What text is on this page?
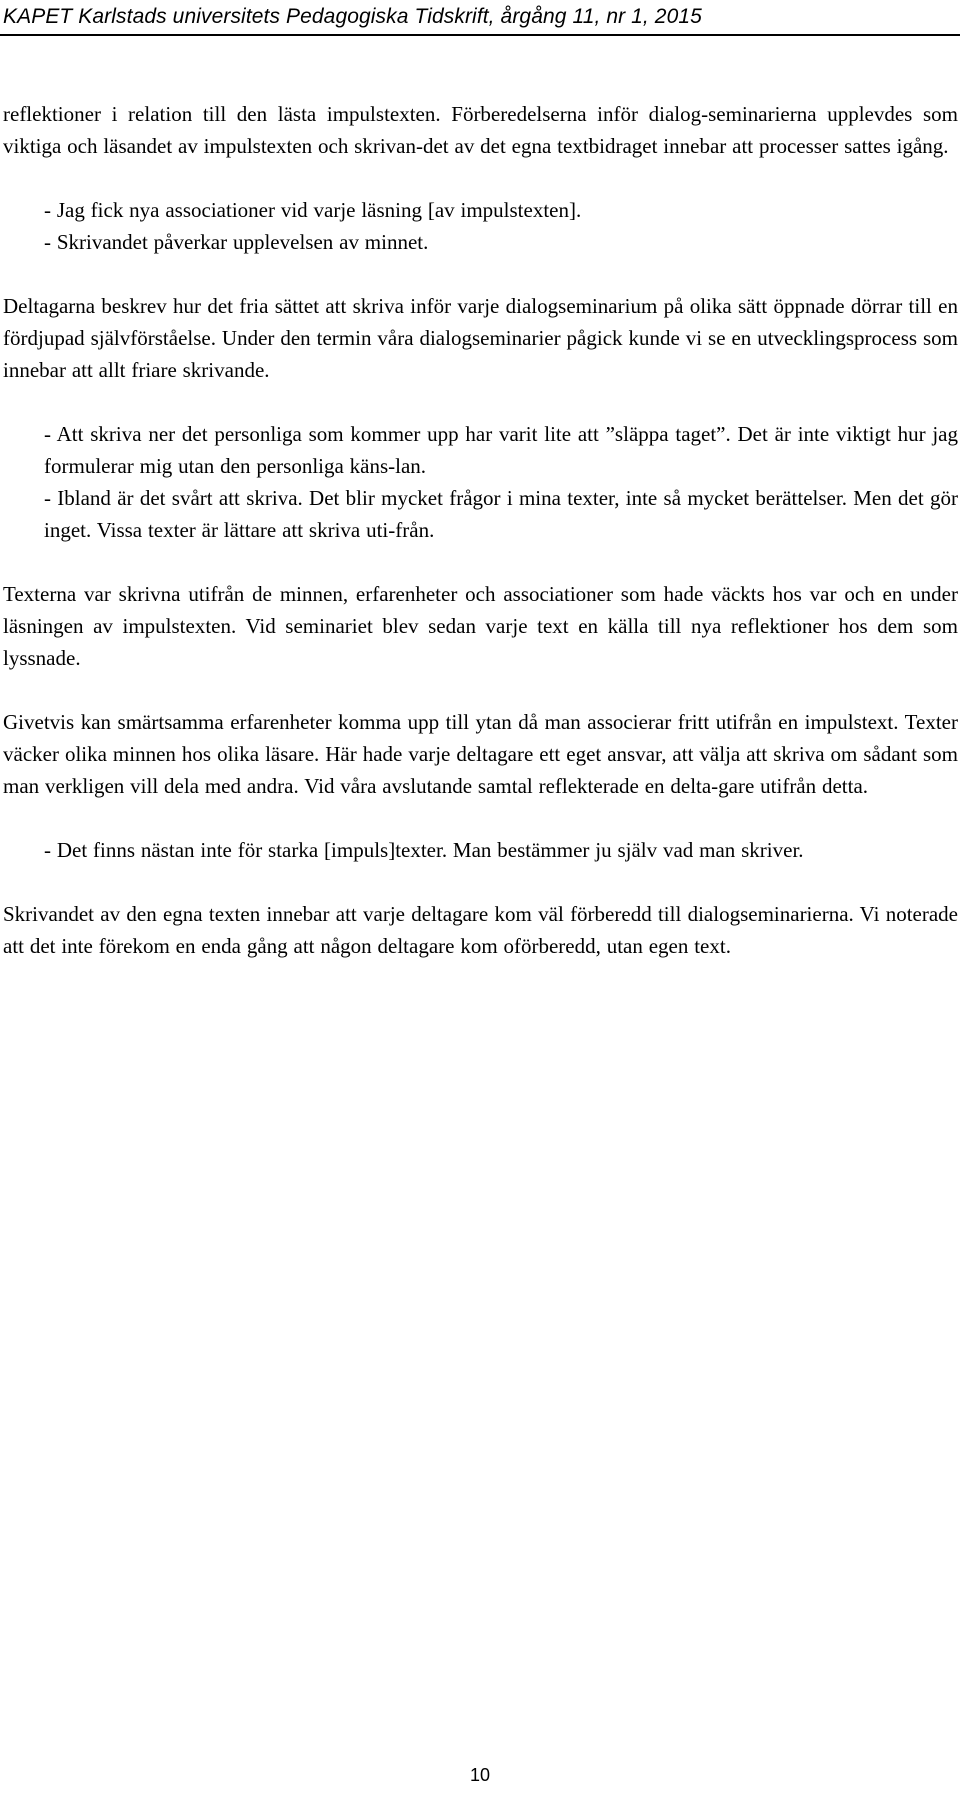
KAPET Karlstads universitets Pedagogiska Tidskrift, årgång 11, nr 1, 2015

reflektioner i relation till den lästa impulstexten. Förberedelserna inför dialog-seminarierna upplevdes som viktiga och läsandet av impulstexten och skrivan-det av det egna textbidraget innebar att processer sattes igång.

- Jag fick nya associationer vid varje läsning [av impulstexten].

- Skrivandet påverkar upplevelsen av minnet.

Deltagarna beskrev hur det fria sättet att skriva inför varje dialogseminarium på olika sätt öppnade dörrar till en fördjupad självförståelse. Under den termin våra dialogseminarier pågick kunde vi se en utvecklingsprocess som innebar att allt friare skrivande.

- Att skriva ner det personliga som kommer upp har varit lite att ”släppa taget”. Det är inte viktigt hur jag formulerar mig utan den personliga käns-lan.

- Ibland är det svårt att skriva. Det blir mycket frågor i mina texter, inte så mycket berättelser. Men det gör inget. Vissa texter är lättare att skriva uti-från.

Texterna var skrivna utifrån de minnen, erfarenheter och associationer som hade väckts hos var och en under läsningen av impulstexten. Vid seminariet blev sedan varje text en källa till nya reflektioner hos dem som lyssnade.

Givetvis kan smärtsamma erfarenheter komma upp till ytan då man associerar fritt utifrån en impulstext. Texter väcker olika minnen hos olika läsare. Här hade varje deltagare ett eget ansvar, att välja att skriva om sådant som man verkligen vill dela med andra. Vid våra avslutande samtal reflekterade en delta-gare utifrån detta.

- Det finns nästan inte för starka [impuls]texter. Man bestämmer ju själv vad man skriver.

Skrivandet av den egna texten innebar att varje deltagare kom väl förberedd till dialogseminarierna. Vi noterade att det inte förekom en enda gång att någon deltagare kom oförberedd, utan egen text.

10
